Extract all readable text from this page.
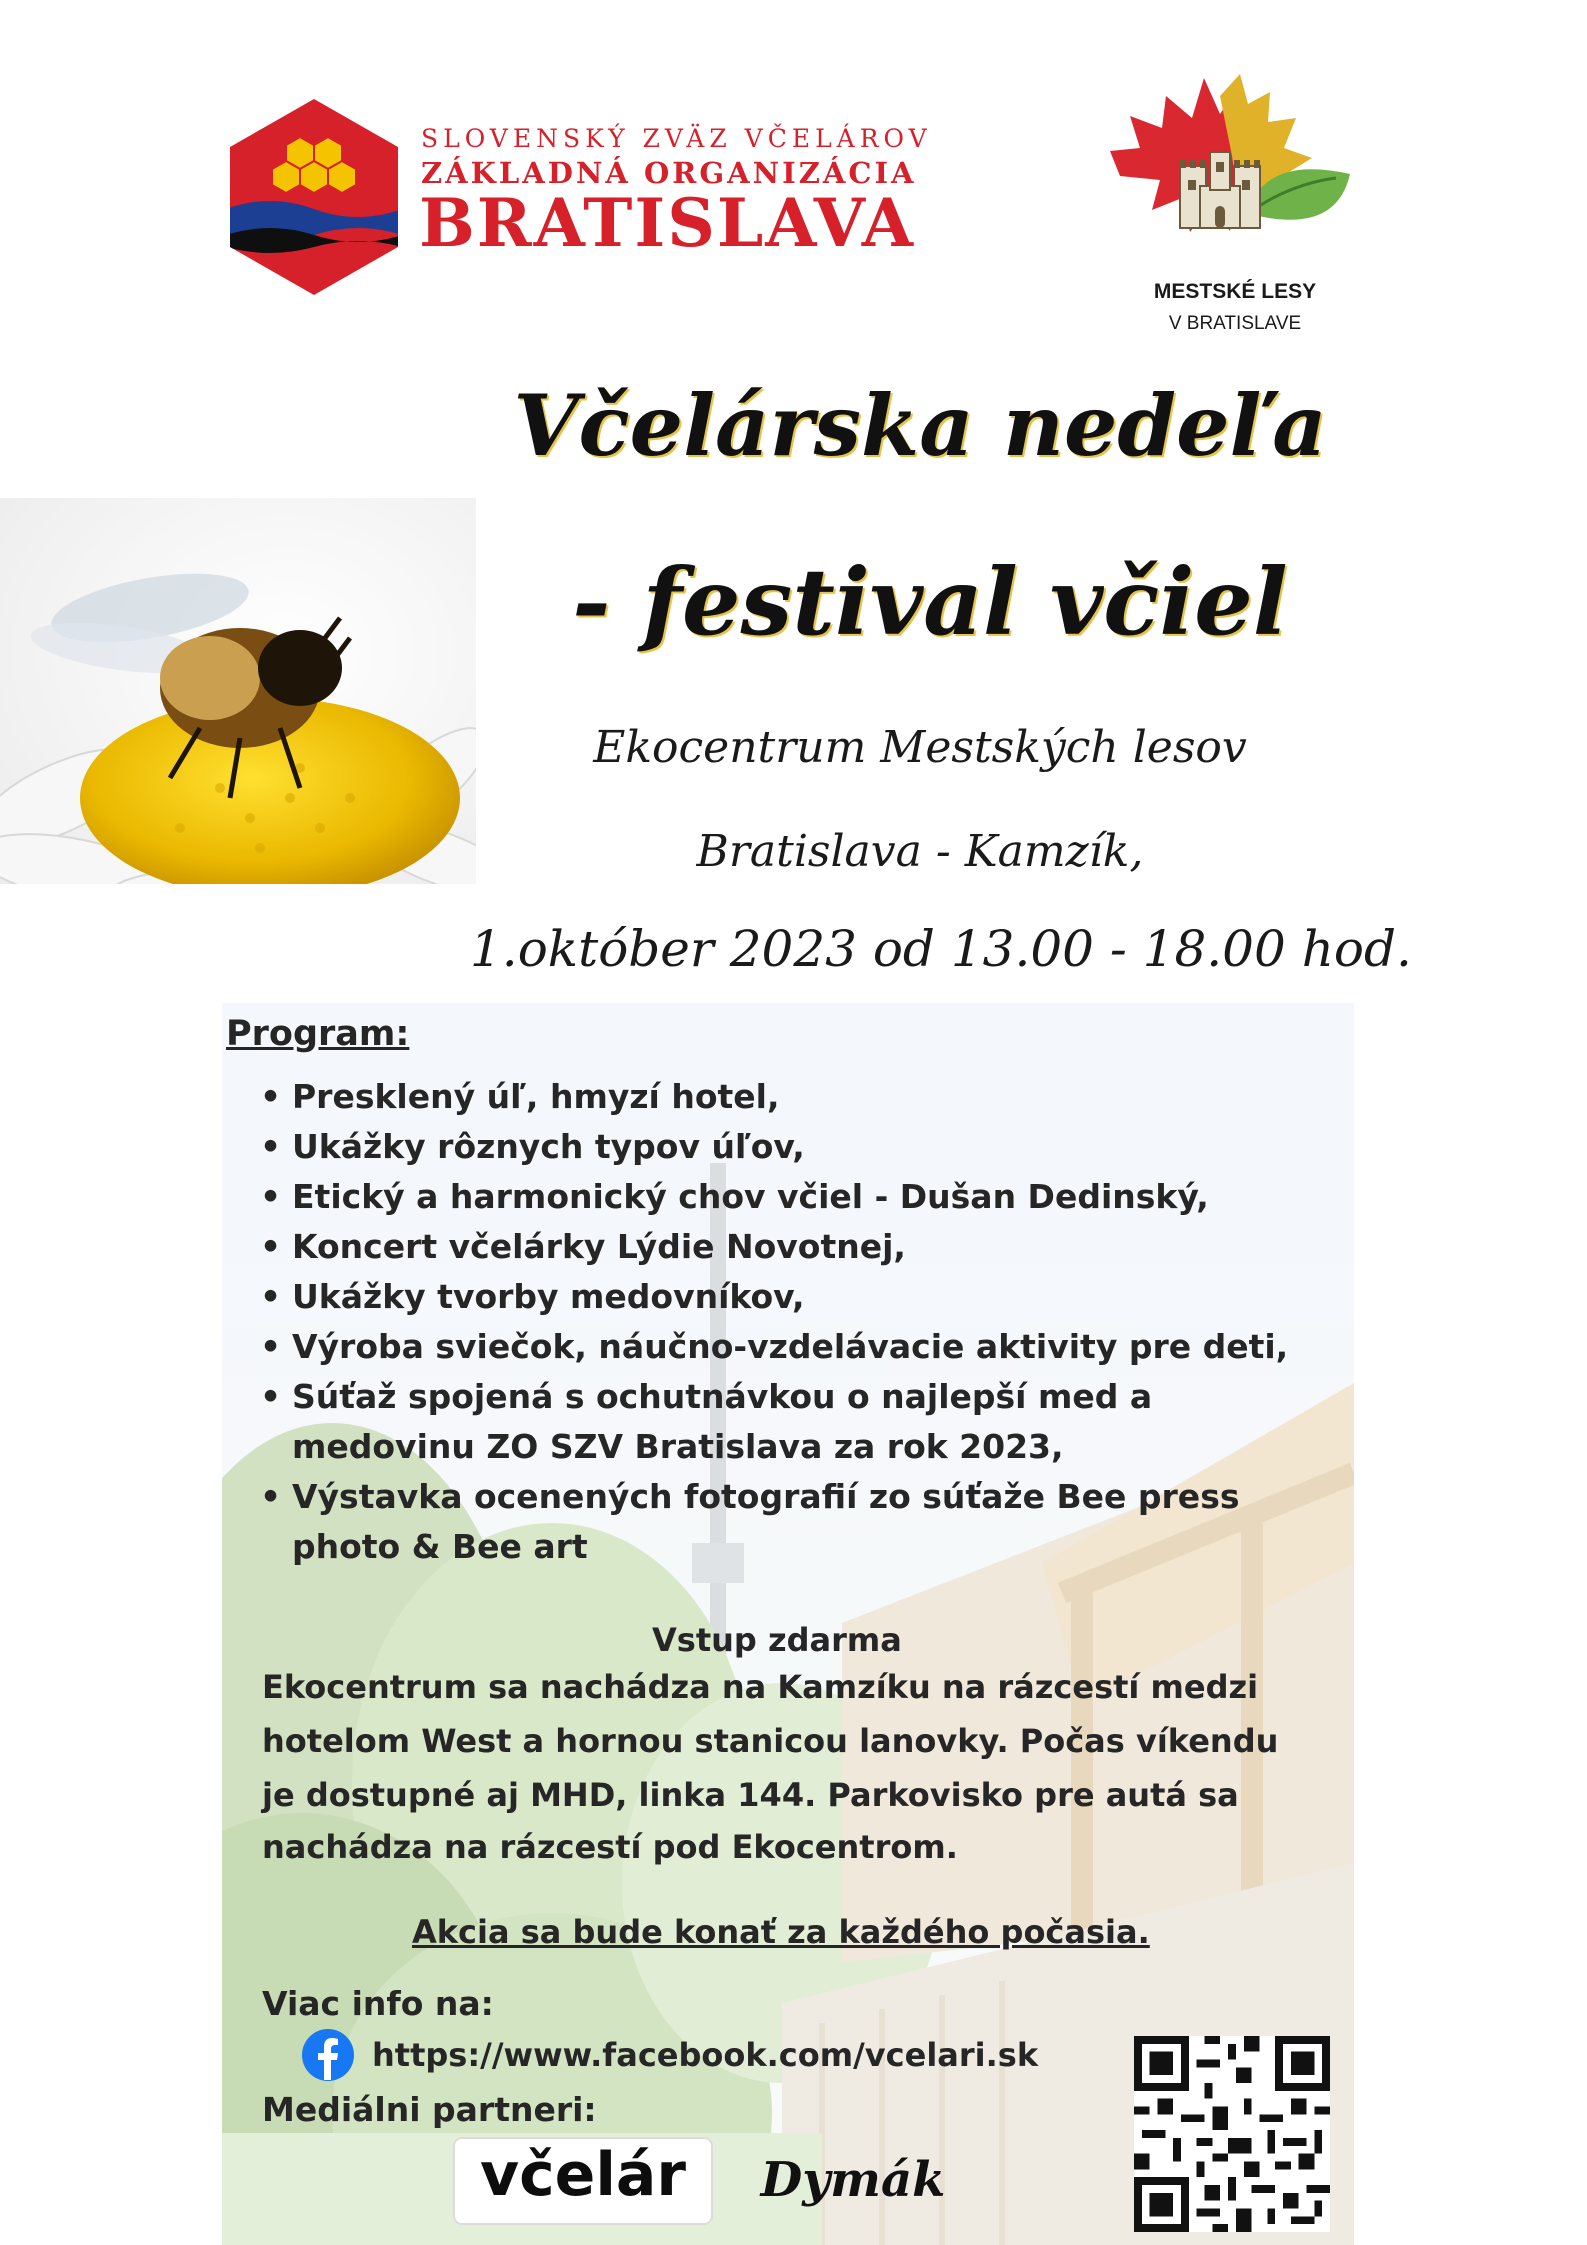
SLOVENSKÝ ZVÄZ VČELÁROV
ZÁKLADNÁ ORGANIZÁCIA
BRATISLAVA
MESTSKÉ LESY
V BRATISLAVE
Včelárska nedeľa
- festival včiel
Ekocentrum Mestských lesov
Bratislava - Kamzík,
1.október 2023 od 13.00 - 18.00 hod.
Program:
• Presklený úľ, hmyzí hotel,
• Ukážky rôznych typov úľov,
• Etický a harmonický chov včiel - Dušan Dedinský,
• Koncert včelárky Lýdie Novotnej,
• Ukážky tvorby medovníkov,
• Výroba sviečok, náučno-vzdelávacie aktivity pre deti,
• Súťaž spojená s ochutnávkou o najlepší med a
medovinu ZO SZV Bratislava za rok 2023,
• Výstavka ocenených fotografií zo súťaže Bee press
photo & Bee art
Vstup zdarma
Ekocentrum sa nachádza na Kamzíku na rázcestí medzi
hotelom West a hornou stanicou lanovky. Počas víkendu
je dostupné aj MHD, linka 144. Parkovisko pre autá sa
nachádza na rázcestí pod Ekocentrom.
Akcia sa bude konať za každého počasia.
Viac info na:
https://www.facebook.com/vcelari.sk
Mediálni partneri:
včelár	Dymák
